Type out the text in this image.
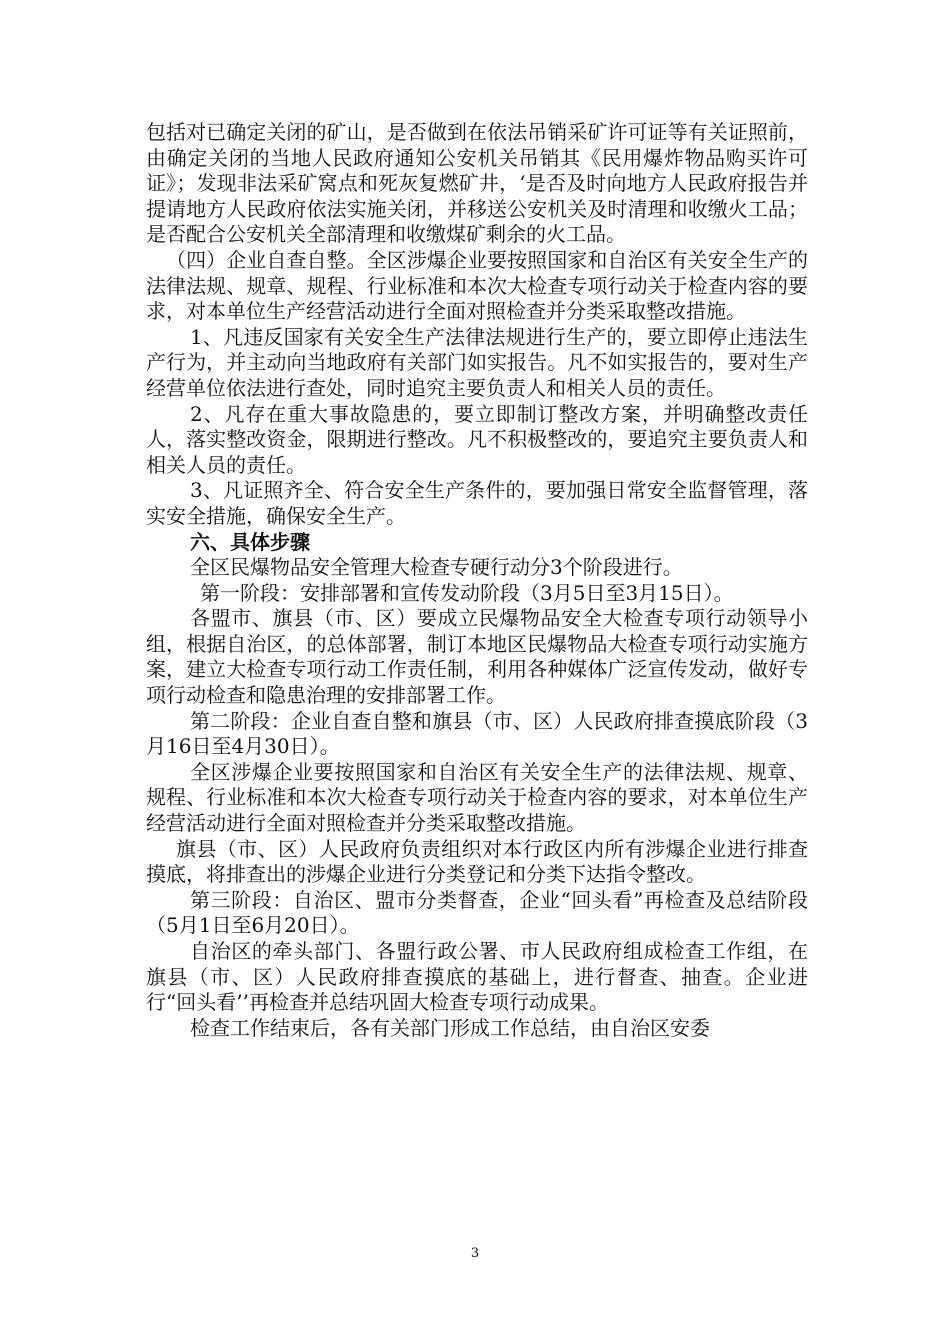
包括对已确定关闭的矿山，是否做到在依法吊销采矿许可证等有关证照前，由确定关闭的当地人民政府通知公安机关吊销其《民用爆炸物品购买许可证》；发现非法采矿窝点和死灰复燃矿井，‘是否及时向地方人民政府报告并提请地方人民政府依法实施关闭，并移送公安机关及时清理和收缴火工品；是否配合公安机关全部清理和收缴煤矿剩余的火工品。

（四）企业自查自整。全区涉爆企业要按照国家和自治区有关安全生产的法律法规、规章、规程、行业标准和本次大检查专项行动关于检查内容的要求，对本单位生产经营活动进行全面对照检查并分类采取整改措施。

1、凡违反国家有关安全生产法律法规进行生产的，要立即停止违法生产行为，并主动向当地政府有关部门如实报告。凡不如实报告的，要对生产经营单位依法进行查处，同时追究主要负责人和相关人员的责任。

2、凡存在重大事故隐患的，要立即制订整改方案，并明确整改责任人，落实整改资金，限期进行整改。凡不积极整改的，要追究主要负责人和相关人员的责任。

3、凡证照齐全、符合安全生产条件的，要加强日常安全监督管理，落实安全措施，确保安全生产。

六、具体步骤

全区民爆物品安全管理大检查专硬行动分3个阶段进行。

第一阶段：安排部署和宣传发动阶段（3月5日至3月15日）。

各盟市、旗县（市、区）要成立民爆物品安全大检查专项行动领导小组，根据自治区，的总体部署，制订本地区民爆物品大检查专项行动实施方案，建立大检查专项行动工作责任制，利用各种媒体广泛宣传发动，做好专项行动检查和隐患治理的安排部署工作。

第二阶段：企业自查自整和旗县（市、区）人民政府排查摸底阶段（3月16日至4月30日）。

全区涉爆企业要按照国家和自治区有关安全生产的法律法规、规章、规程、行业标准和本次大检查专项行动关于检查内容的要求，对本单位生产经营活动进行全面对照检查并分类采取整改措施。

旗县（市、区）人民政府负责组织对本行政区内所有涉爆企业进行排查摸底，将排查出的涉爆企业进行分类登记和分类下达指令整改。

第三阶段：自治区、盟市分类督查，企业“回头看”再检查及总结阶段（5月1日至6月20日）。

自治区的牵头部门、各盟行政公署、市人民政府组成检查工作组，在旗县（市、区）人民政府排查摸底的基础上，进行督查、抽查。企业进行“回头看’’再检查并总结巩固大检查专项行动成果。

检查工作结束后，各有关部门形成工作总结，由自治区安委

3
